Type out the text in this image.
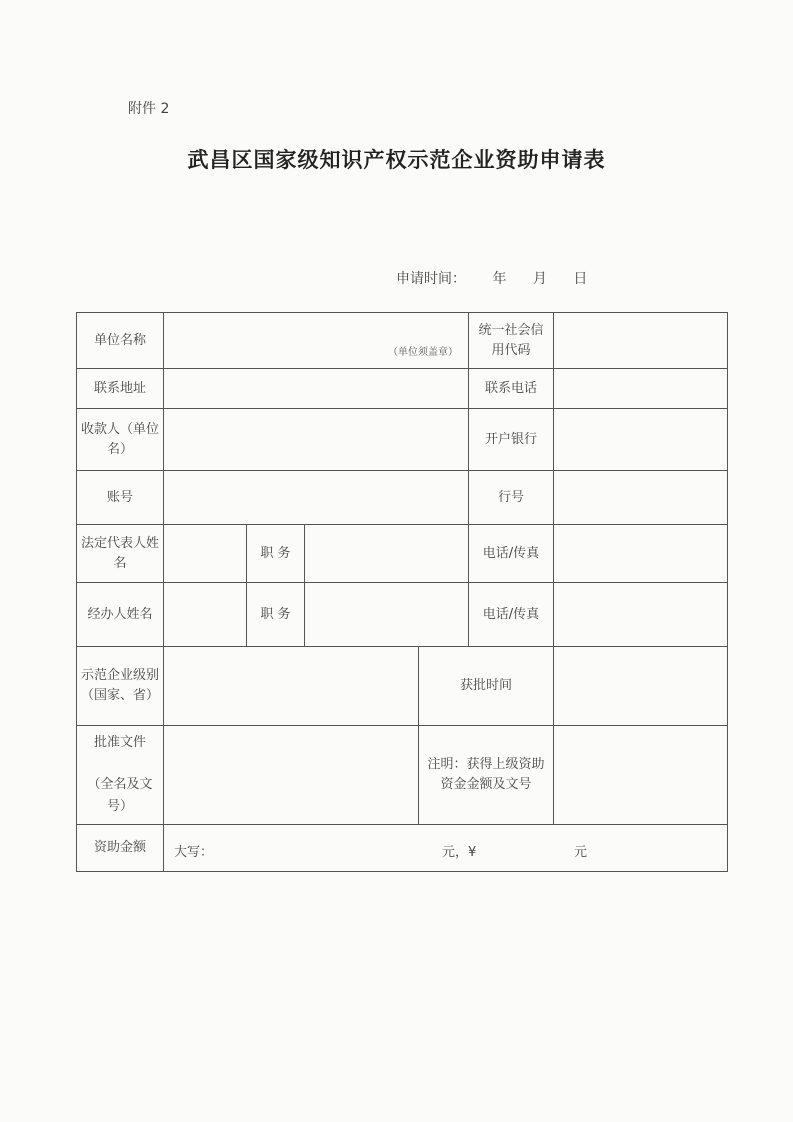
附件 2
武昌区国家级知识产权示范企业资助申请表
申请时间： 年 月 日
单位名称	（单位须盖章）				统一社会信用代码	
联系地址					联系电话	
收款人（单位名）					开户银行	
账号					行号	
法定代表人姓名		职 务			电话/传真	
经办人姓名		职 务			电话/传真	
示范企业级别（国家、省）				获批时间		
批准文件

（全名及文号）				注明：获得上级资助资金金额及文号		
资助金额	大写： 元，¥ 元					
